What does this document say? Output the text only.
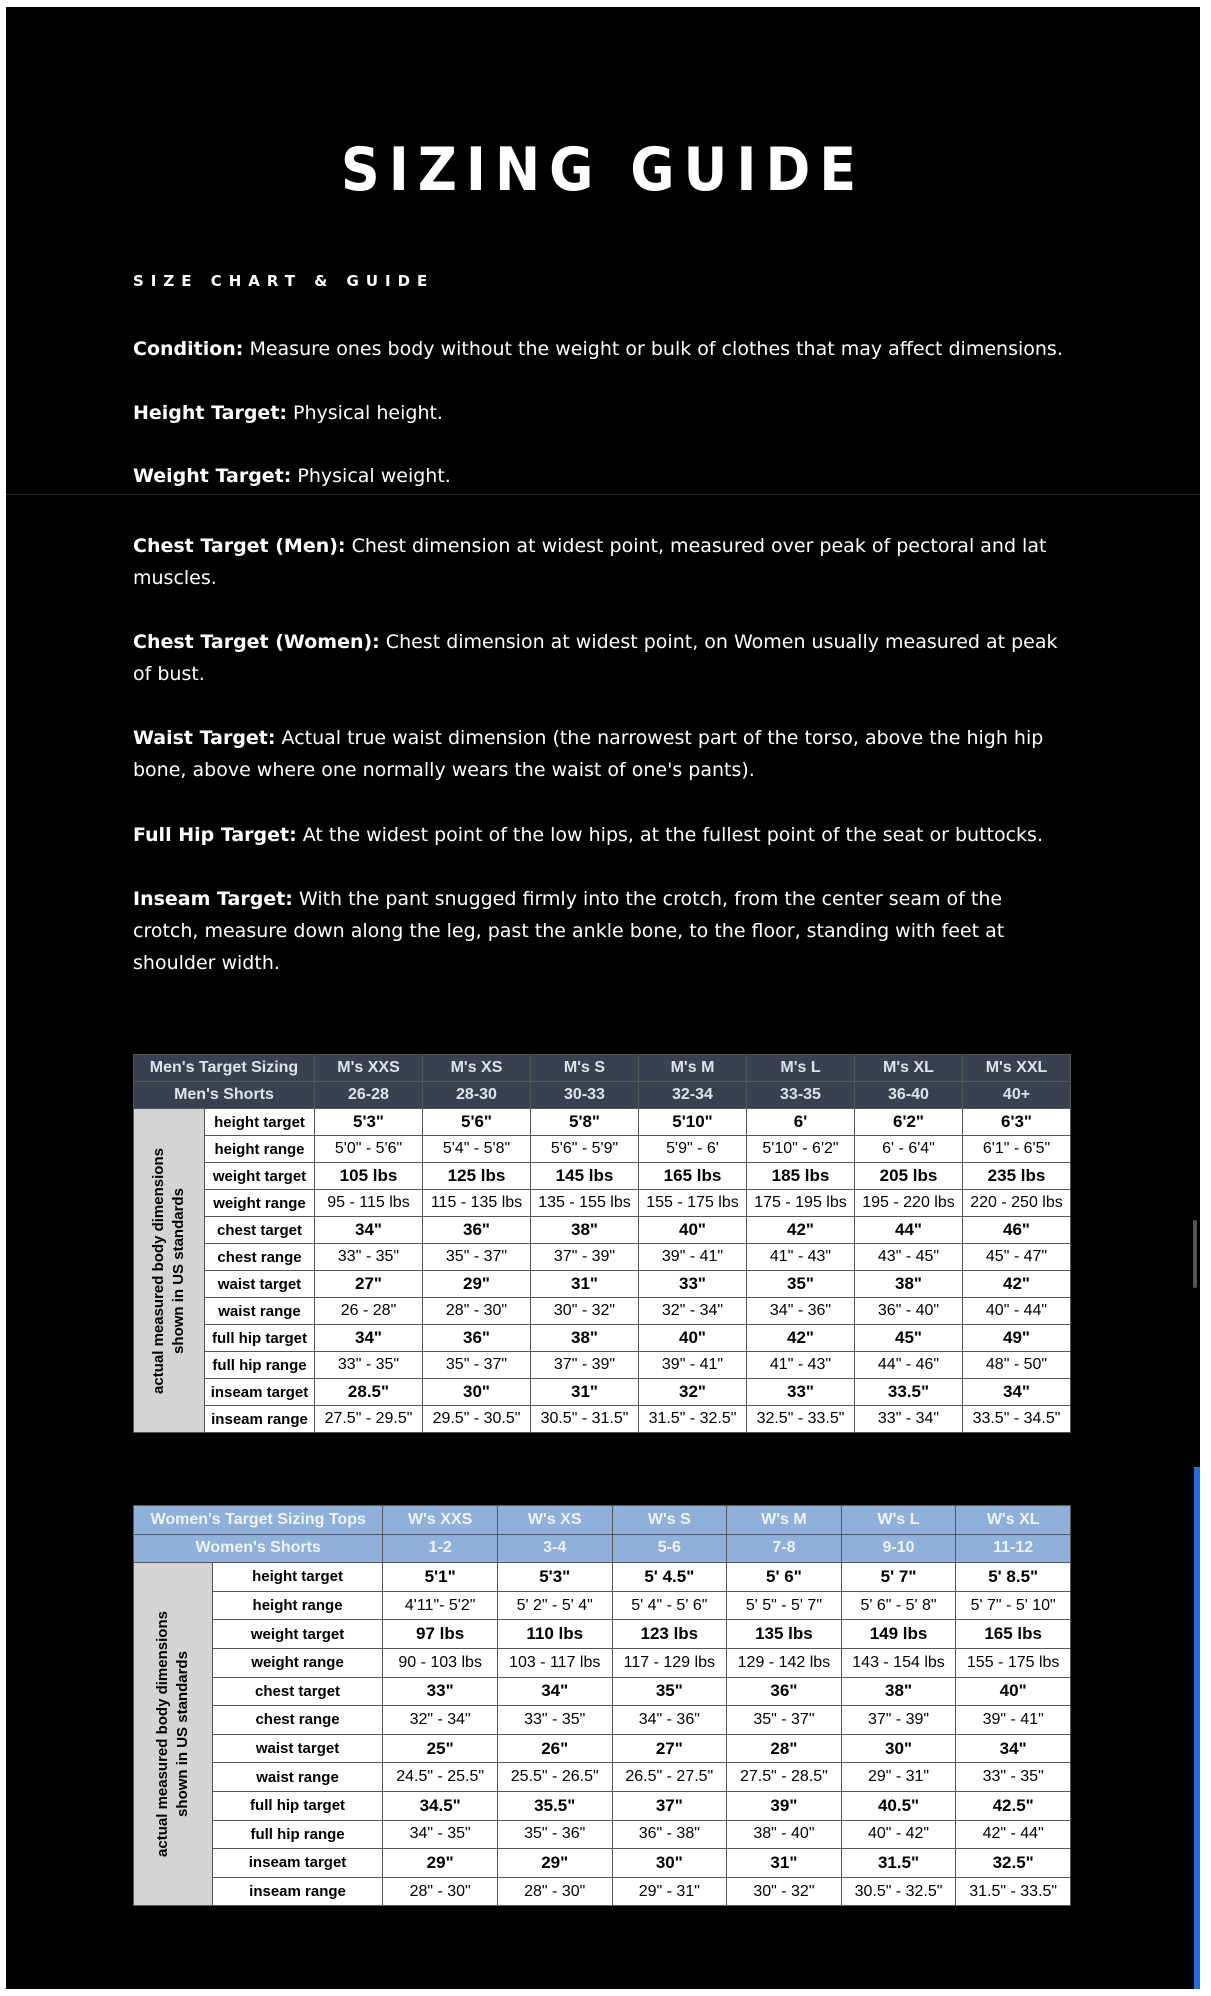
SIZING GUIDE
SIZE CHART & GUIDE

Condition: Measure ones body without the weight or bulk of clothes that may affect dimensions.

Height Target: Physical height.

Weight Target: Physical weight.

Chest Target (Men): Chest dimension at widest point, measured over peak of pectoral and lat muscles.

Chest Target (Women): Chest dimension at widest point, on Women usually measured at peak of bust.

Waist Target: Actual true waist dimension (the narrowest part of the torso, above the high hip bone, above where one normally wears the waist of one's pants).

Full Hip Target: At the widest point of the low hips, at the fullest point of the seat or buttocks.

Inseam Target: With the pant snugged firmly into the crotch, from the center seam of the crotch, measure down along the leg, past the ankle bone, to the floor, standing with feet at shoulder width.

Men's Target Sizing		M's XXS	M's XS	M's S	M's M	M's L	M's XL	M's XXL
Men's Shorts		26-28	28-30	30-33	32-34	33-35	36-40	40+

actual measured body dimensions shown in US standards	height target	5'3"	5'6"	5'8"	5'10"	6'	6'2"	6'3"
	height range	5'0" - 5'6"	5'4" - 5'8"	5'6" - 5'9"	5'9" - 6'	5'10" - 6'2"	6' - 6'4"	6'1" - 6'5"
	weight target	105 lbs	125 lbs	145 lbs	165 lbs	185 lbs	205 lbs	235 lbs
	weight range	95 - 115 lbs	115 - 135 lbs	135 - 155 lbs	155 - 175 lbs	175 - 195 lbs	195 - 220 lbs	220 - 250 lbs
	chest target	34"	36"	38"	40"	42"	44"	46"
	chest range	33" - 35"	35" - 37"	37" - 39"	39" - 41"	41" - 43"	43" - 45"	45" - 47"
	waist target	27"	29"	31"	33"	35"	38"	42"
	waist range	26 - 28"	28" - 30"	30" - 32"	32" - 34"	34" - 36"	36" - 40"	40" - 44"
	full hip target	34"	36"	38"	40"	42"	45"	49"
	full hip range	33" - 35"	35" - 37"	37" - 39"	39" - 41"	41" - 43"	44" - 46"	48" - 50"
	inseam target	28.5"	30"	31"	32"	33"	33.5"	34"
	inseam range	27.5" - 29.5"	29.5" - 30.5"	30.5" - 31.5"	31.5" - 32.5"	32.5" - 33.5"	33" - 34"	33.5" - 34.5"
Women's Target Sizing Tops		W's XXS	W's XS	W's S	W's M	W's L	W's XL
Women's Shorts		1-2	3-4	5-6	7-8	9-10	11-12

actual measured body dimensions shown in US standards	height target	5'1"	5'3"	5' 4.5"	5' 6"	5' 7"	5' 8.5"
	height range	4'11"- 5'2"	5' 2" - 5' 4"	5' 4" - 5' 6"	5' 5" - 5' 7"	5' 6" - 5' 8"	5' 7" - 5' 10"
	weight target	97 lbs	110 lbs	123 lbs	135 lbs	149 lbs	165 lbs
	weight range	90 - 103 lbs	103 - 117 lbs	117 - 129 lbs	129 - 142 lbs	143 - 154 lbs	155 - 175 lbs
	chest target	33"	34"	35"	36"	38"	40"
	chest range	32" - 34"	33" - 35"	34" - 36"	35" - 37"	37" - 39"	39" - 41"
	waist target	25"	26"	27"	28"	30"	34"
	waist range	24.5" - 25.5"	25.5" - 26.5"	26.5" - 27.5"	27.5" - 28.5"	29" - 31"	33" - 35"
	full hip target	34.5"	35.5"	37"	39"	40.5"	42.5"
	full hip range	34" - 35"	35" - 36"	36" - 38"	38" - 40"	40" - 42"	42" - 44"
	inseam target	29"	29"	30"	31"	31.5"	32.5"
	inseam range	28" - 30"	28" - 30"	29" - 31"	30" - 32"	30.5" - 32.5"	31.5" - 33.5"
